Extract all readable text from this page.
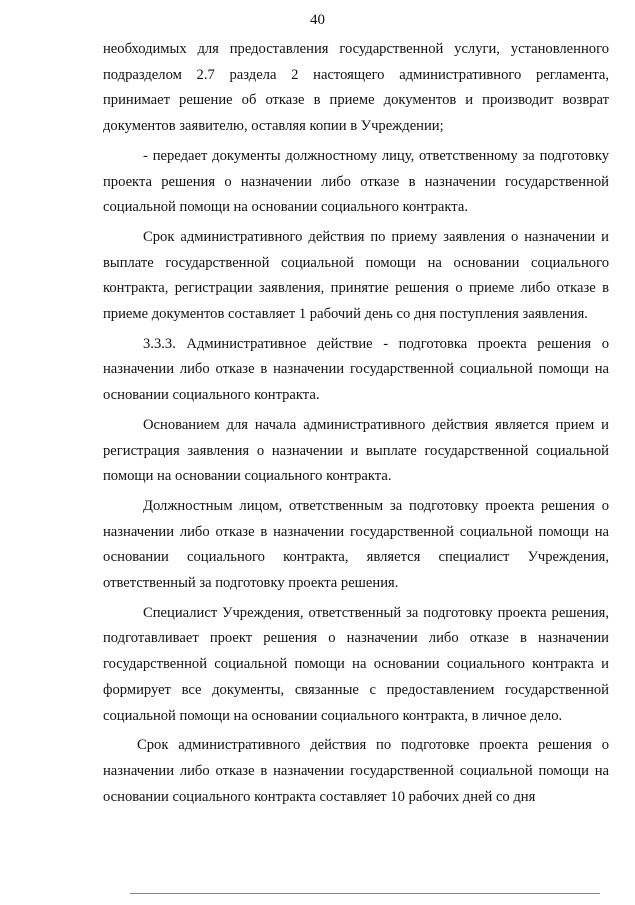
40

необходимых для предоставления государственной услуги, установленного подразделом 2.7 раздела 2 настоящего административного регламента, принимает решение об отказе в приеме документов и производит возврат документов заявителю, оставляя копии в Учреждении;

- передает документы должностному лицу, ответственному за подготовку проекта решения о назначении либо отказе в назначении государственной социальной помощи на основании социального контракта.

Срок административного действия по приему заявления о назначении и выплате государственной социальной помощи на основании социального контракта, регистрации заявления, принятие решения о приеме либо отказе в приеме документов составляет 1 рабочий день со дня поступления заявления.

3.3.3. Административное действие - подготовка проекта решения о назначении либо отказе в назначении государственной социальной помощи на основании социального контракта.

Основанием для начала административного действия является прием и регистрация заявления о назначении и выплате государственной социальной помощи на основании социального контракта.

Должностным лицом, ответственным за подготовку проекта решения о назначении либо отказе в назначении государственной социальной помощи на основании социального контракта, является специалист Учреждения, ответственный за подготовку проекта решения.

Специалист Учреждения, ответственный за подготовку проекта решения, подготавливает проект решения о назначении либо отказе в назначении государственной социальной помощи на основании социального контракта и формирует все документы, связанные с предоставлением государственной социальной помощи на основании социального контракта, в личное дело.

Срок административного действия по подготовке проекта решения о назначении либо отказе в назначении государственной социальной помощи на основании социального контракта составляет 10 рабочих дней со дня
